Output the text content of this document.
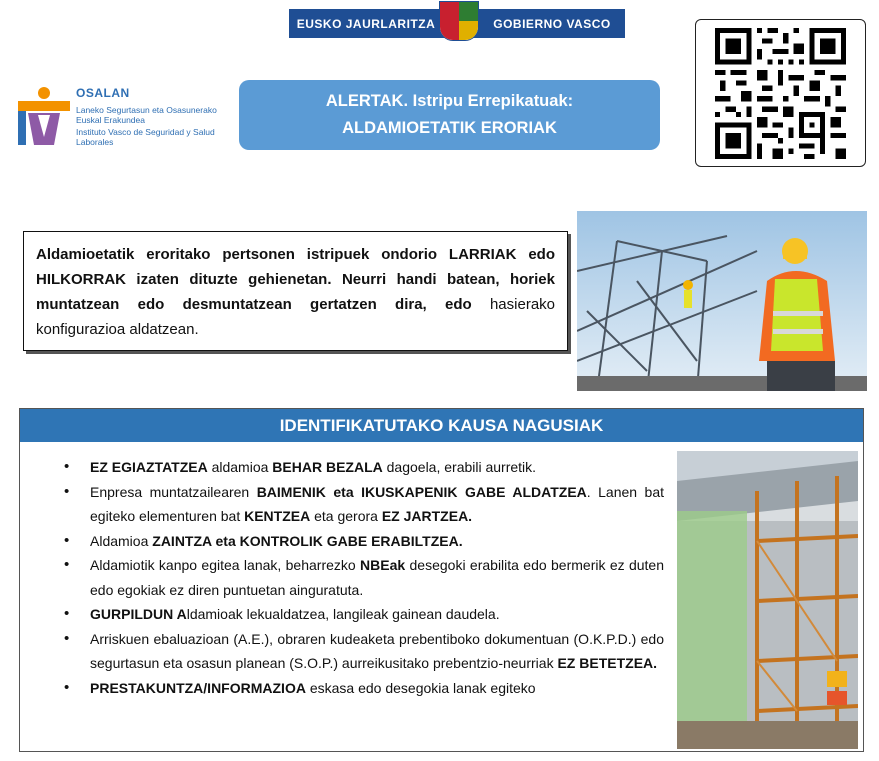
EUSKO JAURLARITZA	GOBIERNO VASCO
OSALAN
Laneko Segurtasun eta Osasunerako Euskal Erakundea
Instituto Vasco de Seguridad y Salud Laborales
ALERTAK. Istripu Errepikatuak:
ALDAMIOETATIK ERORIAK
Aldamioetatik eroritako pertsonen istripuek ondorio LARRIAK edo HILKORRAK izaten dituzte gehienetan. Neurri handi batean, horiek muntatzean edo desmuntatzean gertatzen dira, edo hasierako konfigurazioa aldatzean.
IDENTIFIKATUTAKO KAUSA NAGUSIAK
• EZ EGIAZTATZEA aldamioa BEHAR BEZALA dagoela, erabili aurretik.
• Enpresa muntatzailearen BAIMENIK eta IKUSKAPENIK GABE ALDATZEA. Lanen bat egiteko elementuren bat KENTZEA eta gerora EZ JARTZEA.
• Aldamioa ZAINTZA eta KONTROLIK GABE ERABILTZEA.
• Aldamiotik kanpo egitea lanak, beharrezko NBEak desegoki erabilita edo bermerik ez duten edo egokiak ez diren puntuetan ainguratuta.
• GURPILDUN Aldamioak lekualdatzea, langileak gainean daudela.
• Arriskuen ebaluazioan (A.E.), obraren kudeaketa prebentiboko dokumentuan (O.K.P.D.) edo segurtasun eta osasun planean (S.O.P.) aurreikusitako prebentzio-neurriak EZ BETETZEA.
• PRESTAKUNTZA/INFORMAZIOA eskasa edo desegokia lanak egiteko
